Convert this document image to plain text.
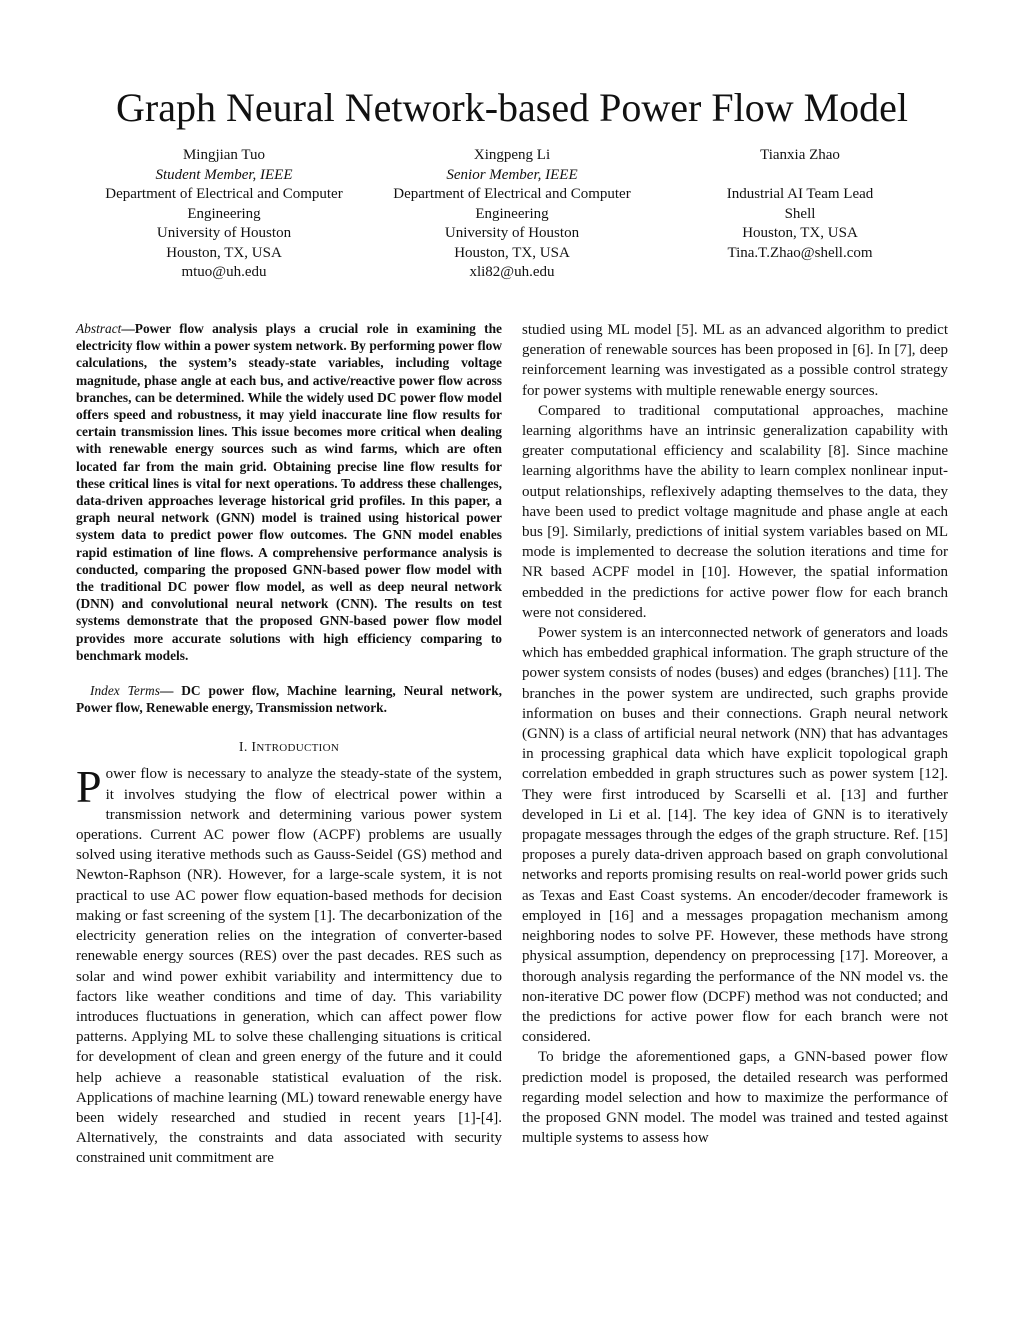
Graph Neural Network-based Power Flow Model
Mingjian Tuo
Student Member, IEEE
Department of Electrical and Computer
Engineering
University of Houston
Houston, TX, USA
mtuo@uh.edu
Xingpeng Li
Senior Member, IEEE
Department of Electrical and Computer
Engineering
University of Houston
Houston, TX, USA
xli82@uh.edu
Tianxia Zhao
Industrial AI Team Lead
Shell
Houston, TX, USA
Tina.T.Zhao@shell.com

Abstract—Power flow analysis plays a crucial role in examining the electricity flow within a power system network. By performing power flow calculations, the system’s steady-state variables, including voltage magnitude, phase angle at each bus, and active/reactive power flow across branches, can be determined. While the widely used DC power flow model offers speed and robustness, it may yield inaccurate line flow results for certain transmission lines. This issue becomes more critical when dealing with renewable energy sources such as wind farms, which are often located far from the main grid. Obtaining precise line flow results for these critical lines is vital for next operations. To address these challenges, data-driven approaches leverage historical grid profiles. In this paper, a graph neural network (GNN) model is trained using historical power system data to predict power flow outcomes. The GNN model enables rapid estimation of line flows. A comprehensive performance analysis is conducted, comparing the proposed GNN-based power flow model with the traditional DC power flow model, as well as deep neural network (DNN) and convolutional neural network (CNN). The results on test systems demonstrate that the proposed GNN-based power flow model provides more accurate solutions with high efficiency comparing to benchmark models.

Index Terms— DC power flow, Machine learning, Neural network, Power flow, Renewable energy, Transmission network.

I. INTRODUCTION

Power flow is necessary to analyze the steady-state of the system, it involves studying the flow of electrical power within a transmission network and determining various power system operations. Current AC power flow (ACPF) problems are usually solved using iterative methods such as Gauss-Seidel (GS) method and Newton-Raphson (NR). However, for a large-scale system, it is not practical to use AC power flow equation-based methods for decision making or fast screening of the system [1]. The decarbonization of the electricity generation relies on the integration of converter-based renewable energy sources (RES) over the past decades. RES such as solar and wind power exhibit variability and intermittency due to factors like weather conditions and time of day. This variability introduces fluctuations in generation, which can affect power flow patterns. Applying ML to solve these challenging situations is critical for development of clean and green energy of the future and it could help achieve a reasonable statistical evaluation of the risk. Applications of machine learning (ML) toward renewable energy have been widely researched and studied in recent years [1]-[4]. Alternatively, the constraints and data associated with security constrained unit commitment are

studied using ML model [5]. ML as an advanced algorithm to predict generation of renewable sources has been proposed in [6]. In [7], deep reinforcement learning was investigated as a possible control strategy for power systems with multiple renewable energy sources.

Compared to traditional computational approaches, machine learning algorithms have an intrinsic generalization capability with greater computational efficiency and scalability [8]. Since machine learning algorithms have the ability to learn complex nonlinear input-output relationships, reflexively adapting themselves to the data, they have been used to predict voltage magnitude and phase angle at each bus [9]. Similarly, predictions of initial system variables based on ML mode is implemented to decrease the solution iterations and time for NR based ACPF model in [10]. However, the spatial information embedded in the predictions for active power flow for each branch were not considered.

Power system is an interconnected network of generators and loads which has embedded graphical information. The graph structure of the power system consists of nodes (buses) and edges (branches) [11]. The branches in the power system are undirected, such graphs provide information on buses and their connections. Graph neural network (GNN) is a class of artificial neural network (NN) that has advantages in processing graphical data which have explicit topological graph correlation embedded in graph structures such as power system [12]. They were first introduced by Scarselli et al. [13] and further developed in Li et al. [14]. The key idea of GNN is to iteratively propagate messages through the edges of the graph structure. Ref. [15] proposes a purely data-driven approach based on graph convolutional networks and reports promising results on real-world power grids such as Texas and East Coast systems. An encoder/decoder framework is employed in [16] and a messages propagation mechanism among neighboring nodes to solve PF. However, these methods have strong physical assumption, dependency on preprocessing [17]. Moreover, a thorough analysis regarding the performance of the NN model vs. the non-iterative DC power flow (DCPF) method was not conducted; and the predictions for active power flow for each branch were not considered.

To bridge the aforementioned gaps, a GNN-based power flow prediction model is proposed, the detailed research was performed regarding model selection and how to maximize the performance of the proposed GNN model. The model was trained and tested against multiple systems to assess how
